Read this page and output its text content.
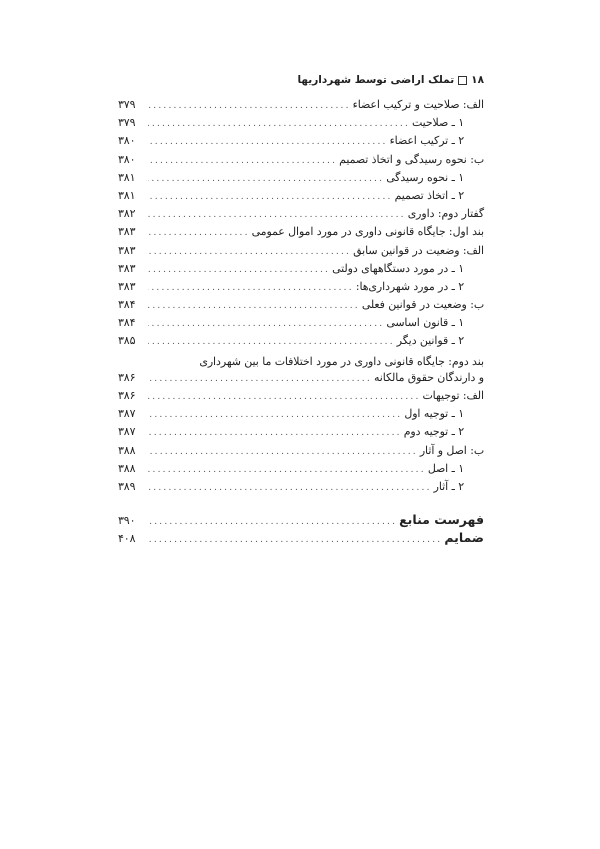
۱۸
تملک اراضی توسط شهرداریها
الف: صلاحیت و ترکیب اعضاء
.....
۳۷۹
۱ ـ صلاحیت
.....
۳۷۹
۲ ـ ترکیب اعضاء
.....
۳۸۰
ب: نحوه رسیدگی و اتخاذ تصمیم
.....
۳۸۰
۱ ـ نحوه رسیدگی
.....
۳۸۱
۲ ـ اتخاذ تصمیم
.....
۳۸۱
گفتار دوم: داوری
.....
۳۸۲
بند اول: جایگاه قانونی داوری در مورد اموال عمومی
.....
۳۸۳
الف: وضعیت در قوانین سابق
.....
۳۸۳
۱ ـ در مورد دستگاههای دولتی
.....
۳۸۳
۲ ـ در مورد شهرداری‌ها:
.....
۳۸۳
ب: وضعیت در قوانین فعلی
.....
۳۸۴
۱ ـ قانون اساسی
.....
۳۸۴
۲ ـ قوانین دیگر
.....
۳۸۵
بند دوم: جایگاه قانونی داوری در مورد اختلافات ما بین شهرداری
و دارندگان حقوق مالکانه
.....
۳۸۶
الف: توجیهات
.....
۳۸۶
۱ ـ توجیه اول
.....
۳۸۷
۲ ـ توجیه دوم
.....
۳۸۷
ب: اصل و آثار
.....
۳۸۸
۱ ـ اصل
.....
۳۸۸
۲ ـ آثار
.....
۳۸۹
فهرست منابع
.....
۳۹۰
ضمایم
.....
۴۰۸
